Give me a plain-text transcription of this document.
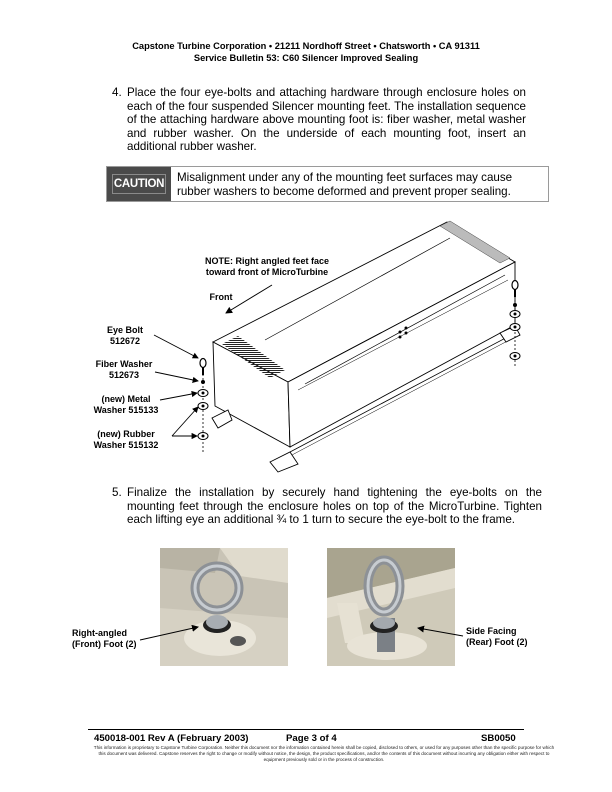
Capstone Turbine Corporation • 21211 Nordhoff Street • Chatsworth • CA 91311
Service Bulletin 53: C60 Silencer Improved Sealing
4. Place the four eye-bolts and attaching hardware through enclosure holes on each of the four suspended Silencer mounting feet. The installation sequence of the attaching hardware above mounting foot is: fiber washer, metal washer and rubber washer. On the underside of each mounting foot, insert an additional rubber washer.
CAUTION Misalignment under any of the mounting feet surfaces may cause
rubber washers to become deformed and prevent proper sealing.
NOTE: Right angled feet face
toward front of MicroTurbine
Front
Eye Bolt
512672
Fiber Washer
512673
(new) Metal
Washer 515133
(new) Rubber
Washer 515132
5. Finalize the installation by securely hand tightening the eye-bolts on the mounting feet through the enclosure holes on top of the MicroTurbine. Tighten each lifting eye an additional ¾ to 1 turn to secure the eye-bolt to the frame.
Right-angled
(Front) Foot (2)
Side Facing
(Rear) Foot (2)
450018-001 Rev A (February 2003)	Page 3 of 4	SB0050
This information is proprietary to Capstone Turbine Corporation. Neither this document nor the information contained herein shall be copied, disclosed to others, or used for any purposes other than the specific purpose for which this document was delivered. Capstone reserves the right to change or modify without notice, the design, the product specifications, and/or the contents of this document without incurring any obligation either with respect to equipment previously sold or in the process of construction.
